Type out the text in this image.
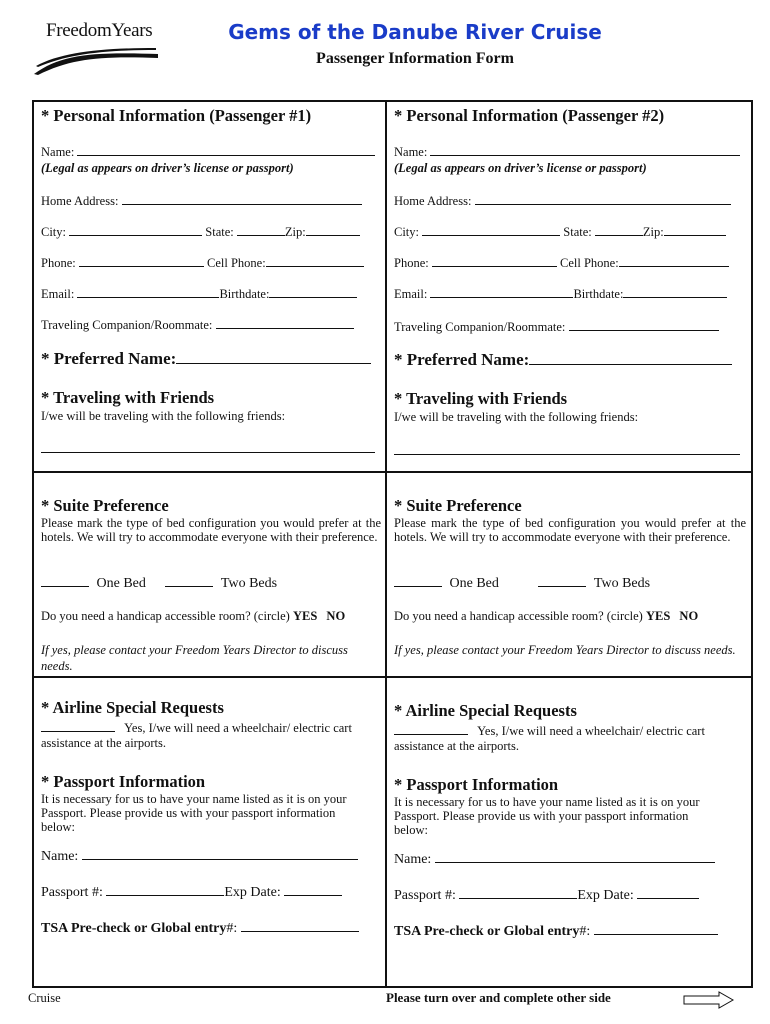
FreedomYears	Gems of the Danube River Cruise
Passenger Information Form
* Personal Information (Passenger #1)
Name:
(Legal as appears on driver’s license or passport)
Home Address:
City:	State:	Zip:
Phone:	Cell Phone:
Email:	Birthdate:
Traveling Companion/Roommate:
* Preferred Name:
* Traveling with Friends
I/we will be traveling with the following friends:
* Personal Information (Passenger #2)
Name:
(Legal as appears on driver’s license or passport)
Home Address:
City:	State:	Zip:
Phone:	Cell Phone:
Email:	Birthdate:
Traveling Companion/Roommate:
* Preferred Name:
* Traveling with Friends
I/we will be traveling with the following friends:
* Suite Preference
Please mark the type of bed configuration you would prefer at the hotels. We will try to accommodate everyone with their preference.
One Bed	Two Beds
Do you need a handicap accessible room? (circle) YES NO
If yes, please contact your Freedom Years Director to discuss needs.
* Suite Preference
Please mark the type of bed configuration you would prefer at the hotels. We will try to accommodate everyone with their preference.
One Bed	Two Beds
Do you need a handicap accessible room? (circle) YES NO
If yes, please contact your Freedom Years Director to discuss needs.
* Airline Special Requests
Yes, I/we will need a wheelchair/ electric cart
assistance at the airports.
* Passport Information
It is necessary for us to have your name listed as it is on your Passport. Please provide us with your passport information below:
Name:
Passport #:	Exp Date:
TSA Pre-check or Global entry#:
* Airline Special Requests
Yes, I/we will need a wheelchair/ electric cart
assistance at the airports.
* Passport Information
It is necessary for us to have your name listed as it is on your Passport. Please provide us with your passport information below:
Name:
Passport #:	Exp Date:
TSA Pre-check or Global entry#:
Cruise	Please turn over and complete other side
